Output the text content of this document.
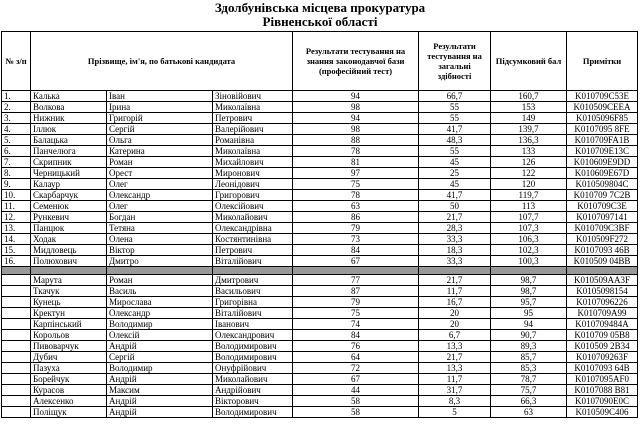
Здолбунівська місцева прокуратура
Рівненської області
№ з/п	Прізвище, ім'я, по батькові кандидата			Результати тестування на знання законодавчої бази (професійний тест)	Результати тестування на загальні здібності	Підсумковий бал	Примітки
1.	Калька	Іван	Зіновійович	94	66,7	160,7	K010709C53E
2.	Волкова	Ірина	Миколаївна	98	55	153	K010509CEEA
3.	Нижник	Григорій	Петрович	94	55	149	K0105096F85
4.	Іллюк	Сергій	Валерійович	98	41,7	139,7	K0107095 8FE
5.	Балацька	Ольга	Романівна	88	48,3	136,3	K010709FA1B
6.	Панчелюга	Катерина	Миколаївна	78	55	133	K010709E13C
7.	Скрипник	Роман	Михайлович	81	45	126	K010609E9DD
8.	Черницький	Орест	Миронович	97	25	122	K010609E67D
9.	Калаур	Олег	Леонідович	75	45	120	K010509804C
10.	Скарбарчук	Олександр	Григорович	78	41,7	119,7	K010709 7C2B
11.	Семенюк	Олег	Олексійович	63	50	113	K010709C3E
12.	Рункевич	Богдан	Миколайович	86	21,7	107,7	K0107097141
13.	Панцюк	Тетяна	Олександрівна	79	28,3	107,3	K010709C3BF
14.	Ходак	Олена	Костянтинівна	73	33,3	106,3	K010509F272
15.	Мидловець	Віктор	Петрович	84	18,3	102,3	K0107093 46B
16.	Полюхович	Дмитро	Віталійович	67	33,3	100,3	K010509 04BB

	Марута	Роман	Дмитрович	77	21,7	98,7	K010509AA3F
	Ткачук	Василь	Васильович	87	11,7	98,7	K0105098154
	Кунець	Мирослава	Григорівна	79	16,7	95,7	K0107096226
	Кректун	Олександр	Віталійович	75	20	95	K010709A99
	Карпінський	Володимир	Іванович	74	20	94	K010709484A
	Корольов	Олексій	Олександрович	84	6,7	90,7	K010709 05B8
	Пивоварчук	Андрій	Володимирович	76	13,3	89,3	K010509 2B34
	Дубич	Сергій	Володимирович	64	21,7	85,7	K010709263F
	Пазуха	Володимир	Онуфрійович	72	13,3	85,3	K0107093 64B
	Борейчук	Андрій	Миколайович	67	11,7	78,7	K0107095AF0
	Курасов	Максим	Андрійович	44	31,7	75,7	K0107088 B81
	Алексенко	Андрій	Вікторович	58	8,3	66,3	K0107090E0C
	Поліщук	Андрій	Володимирович	58	5	63	K010509C406
